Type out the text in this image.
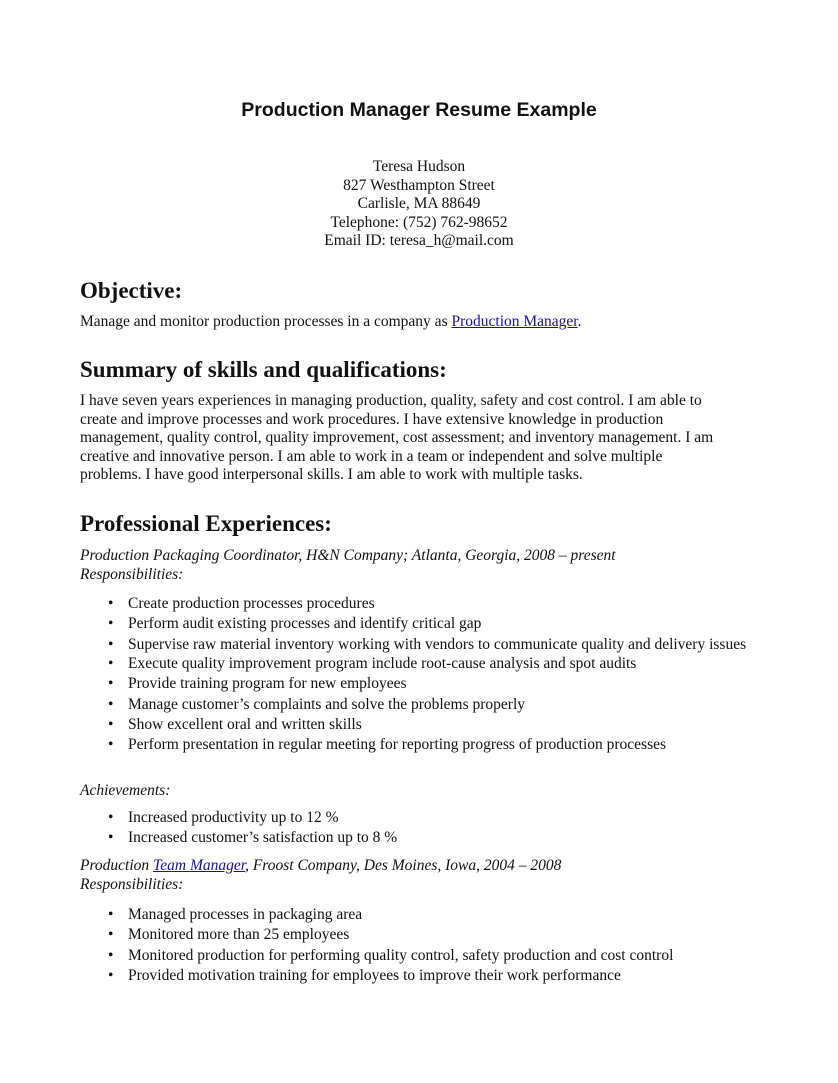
Production Manager Resume Example
Teresa Hudson
827 Westhampton Street
Carlisle, MA 88649
Telephone: (752) 762-98652
Email ID: teresa_h@mail.com
Objective:
Manage and monitor production processes in a company as Production Manager.
Summary of skills and qualifications:
I have seven years experiences in managing production, quality, safety and cost control. I am able to
create and improve processes and work procedures. I have extensive knowledge in production
management, quality control, quality improvement, cost assessment; and inventory management. I am
creative and innovative person. I am able to work in a team or independent and solve multiple
problems. I have good interpersonal skills. I am able to work with multiple tasks.
Professional Experiences:
Production Packaging Coordinator, H&N Company; Atlanta, Georgia, 2008 – present
Responsibilities:
• Create production processes procedures
• Perform audit existing processes and identify critical gap
• Supervise raw material inventory working with vendors to communicate quality and delivery issues
• Execute quality improvement program include root-cause analysis and spot audits
• Provide training program for new employees
• Manage customer’s complaints and solve the problems properly
• Show excellent oral and written skills
• Perform presentation in regular meeting for reporting progress of production processes
Achievements:
• Increased productivity up to 12 %
• Increased customer’s satisfaction up to 8 %
Production Team Manager, Froost Company, Des Moines, Iowa, 2004 – 2008
Responsibilities:
• Managed processes in packaging area
• Monitored more than 25 employees
• Monitored production for performing quality control, safety production and cost control
• Provided motivation training for employees to improve their work performance
